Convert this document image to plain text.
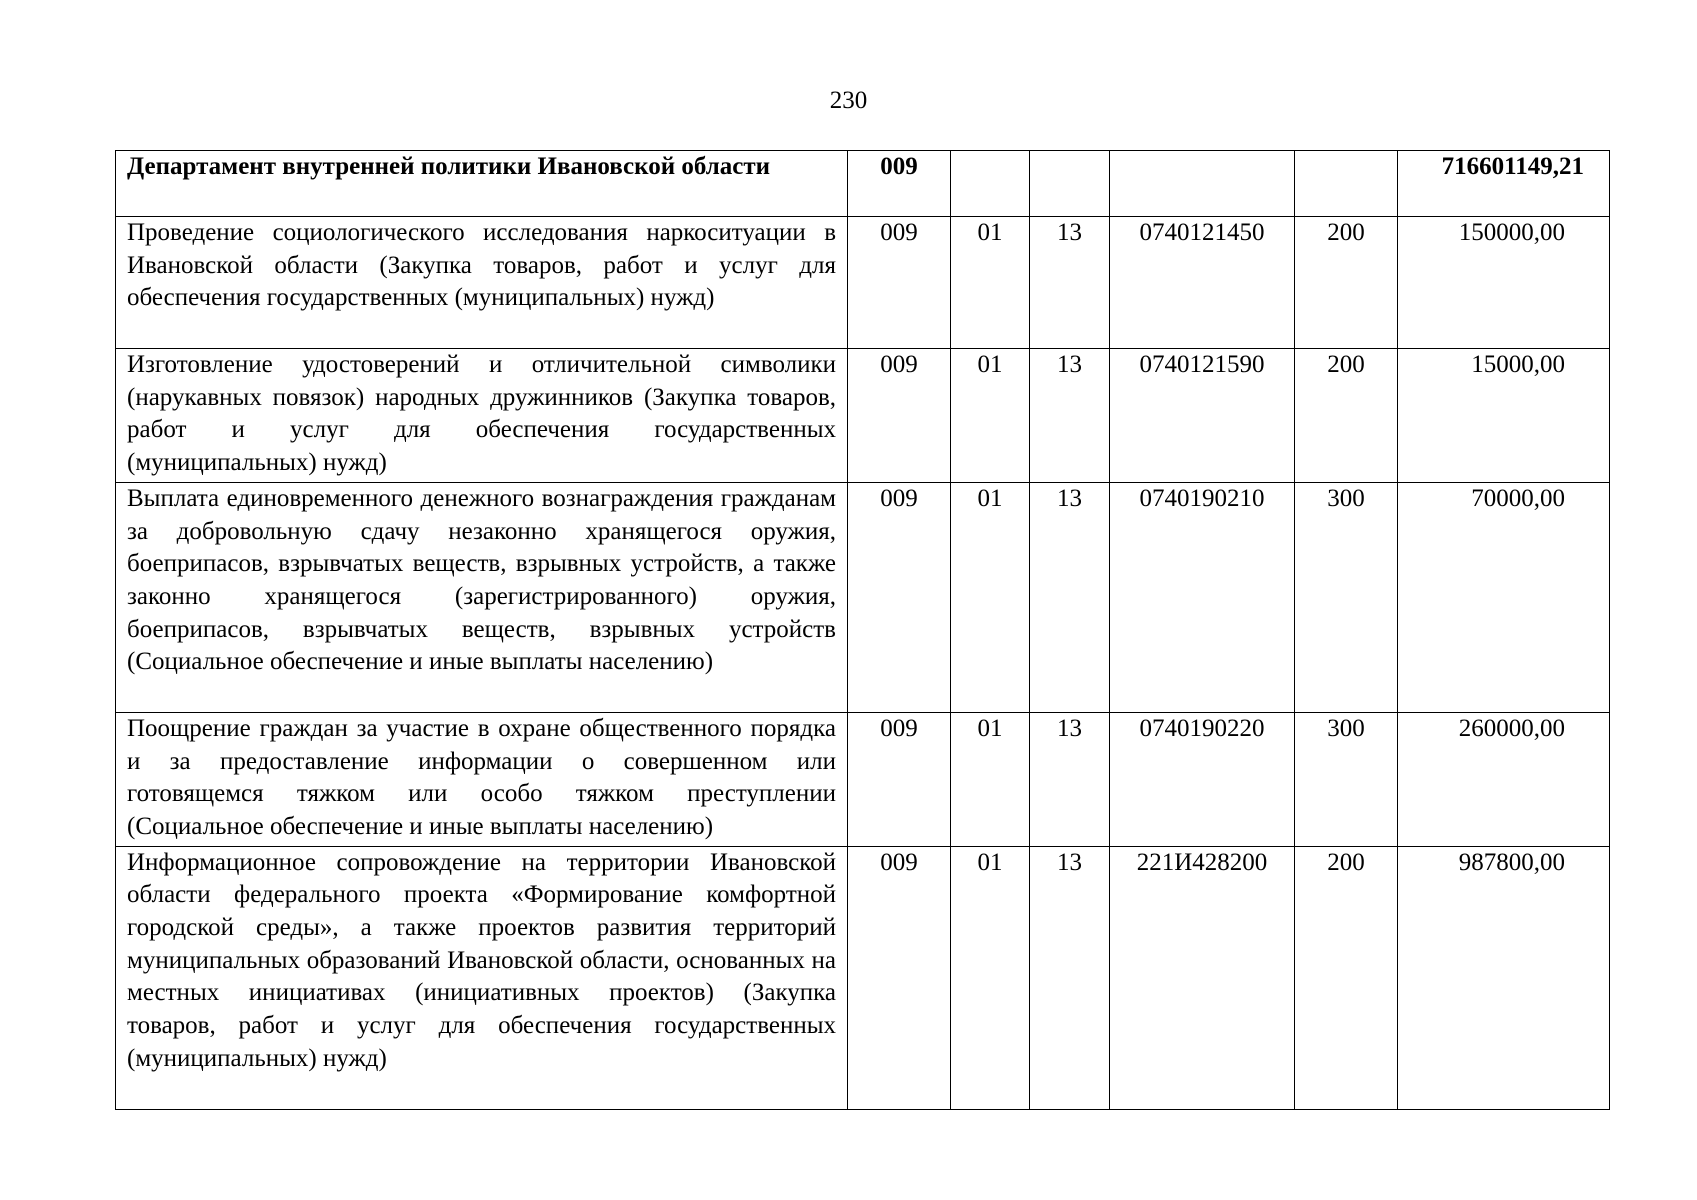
230
Департамент внутренней политики Ивановской области	009					716601149,21
Проведение социологического исследования наркоситуации в Ивановской области (Закупка товаров, работ и услуг для обеспечения государственных (муниципальных) нужд)	009	01	13	0740121450	200	150000,00
Изготовление удостоверений и отличительной символики (нарукавных повязок) народных дружинников (Закупка товаров, работ и услуг для обеспечения государственных (муниципальных) нужд)	009	01	13	0740121590	200	15000,00
Выплата единовременного денежного вознаграждения гражданам за добровольную сдачу незаконно хранящегося оружия, боеприпасов, взрывчатых веществ, взрывных устройств, а также законно хранящегося (зарегистрированного) оружия, боеприпасов, взрывчатых веществ, взрывных устройств (Социальное обеспечение и иные выплаты населению)	009	01	13	0740190210	300	70000,00
Поощрение граждан за участие в охране общественного порядка и за предоставление информации о совершенном или готовящемся тяжком или особо тяжком преступлении (Социальное обеспечение и иные выплаты населению)	009	01	13	0740190220	300	260000,00
Информационное сопровождение на территории Ивановской области федерального проекта «Формирование комфортной городской среды», а также проектов развития территорий муниципальных образований Ивановской области, основанных на местных инициативах (инициативных проектов) (Закупка товаров, работ и услуг для обеспечения государственных (муниципальных) нужд)	009	01	13	221И428200	200	987800,00
